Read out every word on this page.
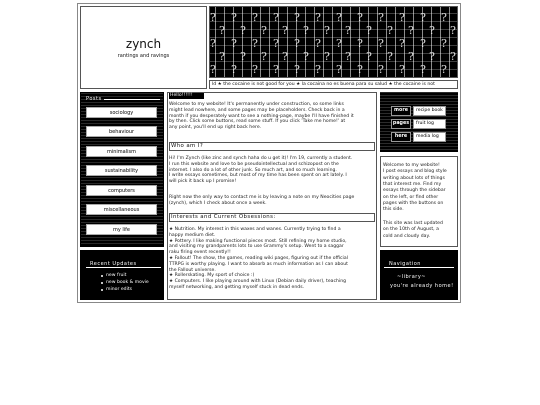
zynch
rantings and ravings
? ? ? ? ? ? ? ? ? ? ? ?
? ? ? ? ? ? ? ? ? ? ? ?
? ? ? ? ? ? ? ? ? ? ? ?
? ? ? ? ? ? ? ? ? ? ? ?
? ? ? ? ? ? ? ? ? ? ? ?
ld ★ the cocaine is not good for you ★ la cocaina no es buena para su salud ★ the cocaine is not
Posts
sociology
behaviour
minimalism
sustainability
computers
miscellaneous
my life
Recent Updates
new fruit
new book & movie
minor edits
Hello!!!!!!
Welcome to my website! It's permanently under construction, so some links
might lead nowhere, and some pages may be placeholders. Check back in a
month if you desperately want to see a nothing-page, maybe I'll have finished it
by then. Click some buttons, read some stuff. If you click 'Take me home!' at
any point, you'll end up right back here.
Who am I?
Hi! I'm Zynch (like zinc and synch haha do u get it)! I'm 19, currently a student.
I run this website and love to be pseudointellectual and schizopost on the
internet. I also do a lot of other junk. So much art, and so much learning.
I write essays sometimes, but most of my time has been spent on art lately. I
will pick it back up I promise!
Right now the only way to contact me is by leaving a note on my Neocities page
(zynch), which I check about once a week.
Interests and Current Obsessions:
★ Nutrition. My interest in this waxes and wanes. Currently trying to find a
happy medium diet.
★ Pottery. I like making functional pieces most. Still refining my home studio,
and visiting my grandparents lots to use Grammy's setup. Went to a saggar
raku firing event recently!!
★ Fallout! The show, the games, reading wiki pages, figuring out if the official
TTRPG is worthy playing. I want to absorb as much information as I can about
the Fallout universe.
★ Rollerskating. My sport of choice :)
★ Computers. I like playing around with Linux (Debian daily driver), teaching
myself networking, and getting myself stuck in dead ends.
more	recipe book
pages	fruit log
here	media log
Welcome to my website!
I post essays and blog style
writing about lots of things
that interest me. Find my
essays through the sidebar
on the left, or find other
pages with the buttons on
this side.
This site was last updated
on the 10th of August, a
cold and cloudy day.
Navigation
~library~
you're already home!
